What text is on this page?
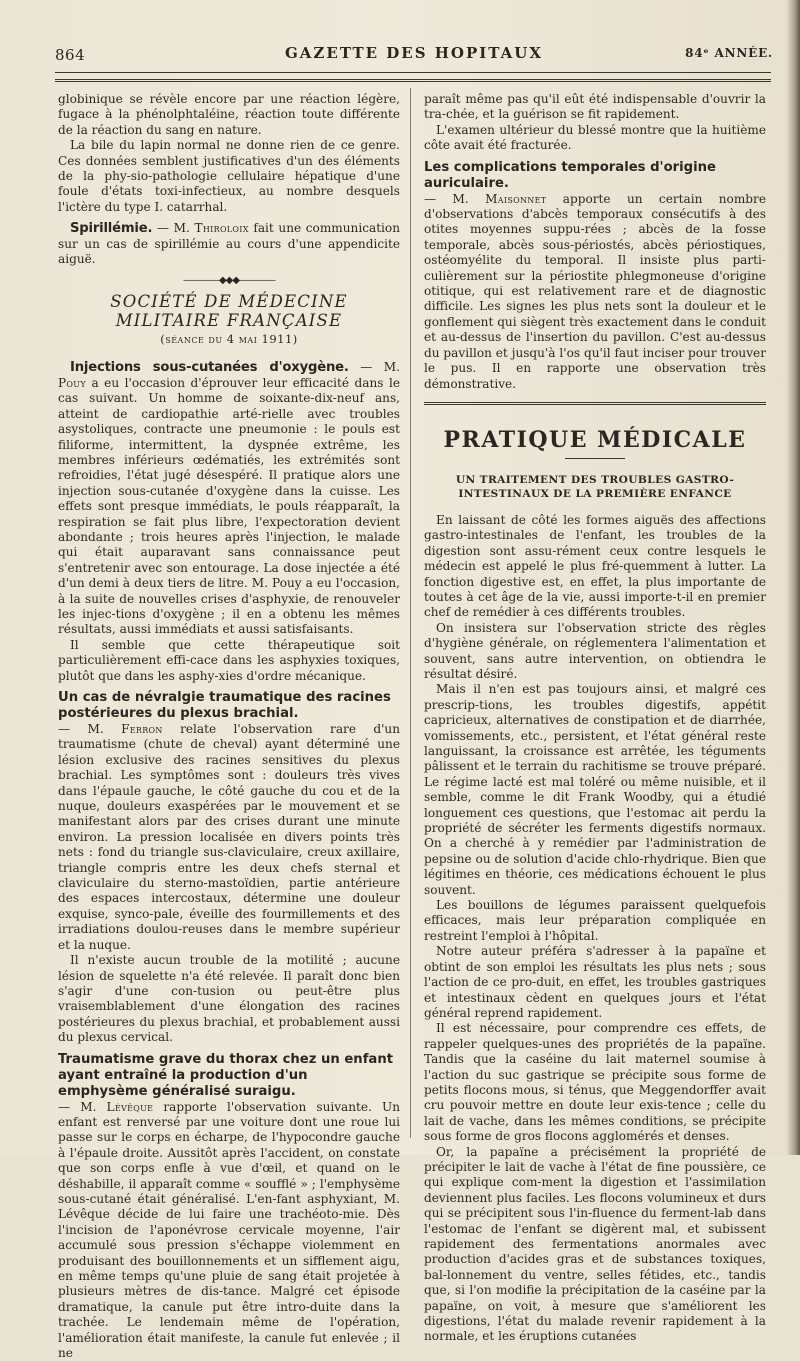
864	GAZETTE DES HOPITAUX	84ᵉ ANNÉE.

globinique se révèle encore par une réaction légère, fugace à la phénolphtaléine, réaction toute différente de la réaction du sang en nature.

La bile du lapin normal ne donne rien de ce genre. Ces données semblent justificatives d'un des éléments de la phy-sio-pathologie cellulaire hépatique d'une foule d'états toxi-infectieux, au nombre desquels l'ictère du type I. catarrhal.

Spirillémie. — M. Thiroloix fait une communication sur un cas de spirillémie au cours d'une appendicite aiguë.

————◆◆◆————
SOCIÉTÉ DE MÉDECINE MILITAIRE FRANÇAISE
(séance du 4 mai 1911)

Injections sous-cutanées d'oxygène. — M. Pouy a eu l'occasion d'éprouver leur efficacité dans le cas suivant. Un homme de soixante-dix-neuf ans, atteint de cardiopathie arté-rielle avec troubles asystoliques, contracte une pneumonie : le pouls est filiforme, intermittent, la dyspnée extrême, les membres inférieurs œdématiés, les extrémités sont refroidies, l'état jugé désespéré. Il pratique alors une injection sous-cutanée d'oxygène dans la cuisse. Les effets sont presque immédiats, le pouls réapparaît, la respiration se fait plus libre, l'expectoration devient abondante ; trois heures après l'injection, le malade qui était auparavant sans connaissance peut s'entretenir avec son entourage. La dose injectée a été d'un demi à deux tiers de litre. M. Pouy a eu l'occasion, à la suite de nouvelles crises d'asphyxie, de renouveler les injec-tions d'oxygène ; il en a obtenu les mêmes résultats, aussi immédiats et aussi satisfaisants.

Il semble que cette thérapeutique soit particulièrement effi-cace dans les asphyxies toxiques, plutôt que dans les asphy-xies d'ordre mécanique.

Un cas de névralgie traumatique des racines postérieures du plexus brachial.

— M. Ferron relate l'observation rare d'un traumatisme (chute de cheval) ayant déterminé une lésion exclusive des racines sensitives du plexus brachial. Les symptômes sont : douleurs très vives dans l'épaule gauche, le côté gauche du cou et de la nuque, douleurs exaspérées par le mouvement et se manifestant alors par des crises durant une minute environ. La pression localisée en divers points très nets : fond du triangle sus-claviculaire, creux axillaire, triangle compris entre les deux chefs sternal et claviculaire du sterno-mastoïdien, partie antérieure des espaces intercostaux, détermine une douleur exquise, synco-pale, éveille des fourmillements et des irradiations doulou-reuses dans le membre supérieur et la nuque.

Il n'existe aucun trouble de la motilité ; aucune lésion de squelette n'a été relevée. Il paraît donc bien s'agir d'une con-tusion ou peut-être plus vraisemblablement d'une élongation des racines postérieures du plexus brachial, et probablement aussi du plexus cervical.

Traumatisme grave du thorax chez un enfant ayant entraîné la production d'un emphysème généralisé suraigu.

— M. Lévêque rapporte l'observation suivante. Un enfant est renversé par une voiture dont une roue lui passe sur le corps en écharpe, de l'hypocondre gauche à l'épaule droite. Aussitôt après l'accident, on constate que son corps enfle à vue d'œil, et quand on le déshabille, il apparaît comme « soufflé » ; l'emphysème sous-cutané était généralisé. L'en-fant asphyxiant, M. Lévêque décide de lui faire une trachéoto-mie. Dès l'incision de l'aponévrose cervicale moyenne, l'air accumulé sous pression s'échappe violemment en produisant des bouillonnements et un sifflement aigu, en même temps qu'une pluie de sang était projetée à plusieurs mètres de dis-tance. Malgré cet épisode dramatique, la canule put être intro-duite dans la trachée. Le lendemain même de l'opération, l'amélioration était manifeste, la canule fut enlevée ; il ne

paraît même pas qu'il eût été indispensable d'ouvrir la tra-chée, et la guérison se fit rapidement.

L'examen ultérieur du blessé montre que la huitième côte avait été fracturée.

Les complications temporales d'origine auriculaire.

— M. Maisonnet apporte un certain nombre d'observations d'abcès temporaux consécutifs à des otites moyennes suppu-rées ; abcès de la fosse temporale, abcès sous-périostés, abcès périostiques, ostéomyélite du temporal. Il insiste plus parti-culièrement sur la périostite phlegmoneuse d'origine otitique, qui est relativement rare et de diagnostic difficile. Les signes les plus nets sont la douleur et le gonflement qui siègent très exactement dans le conduit et au-dessus de l'insertion du pavillon. C'est au-dessus du pavillon et jusqu'à l'os qu'il faut inciser pour trouver le pus. Il en rapporte une observation très démonstrative.

PRATIQUE MÉDICALE
UN TRAITEMENT DES TROUBLES GASTRO-INTESTINAUX DE LA PREMIÈRE ENFANCE

En laissant de côté les formes aiguës des affections gastro-intestinales de l'enfant, les troubles de la digestion sont assu-rément ceux contre lesquels le médecin est appelé le plus fré-quemment à lutter. La fonction digestive est, en effet, la plus importante de toutes à cet âge de la vie, aussi importe-t-il en premier chef de remédier à ces différents troubles.

On insistera sur l'observation stricte des règles d'hygiène générale, on réglementera l'alimentation et souvent, sans autre intervention, on obtiendra le résultat désiré.

Mais il n'en est pas toujours ainsi, et malgré ces prescrip-tions, les troubles digestifs, appétit capricieux, alternatives de constipation et de diarrhée, vomissements, etc., persistent, et l'état général reste languissant, la croissance est arrêtée, les téguments pâlissent et le terrain du rachitisme se trouve préparé. Le régime lacté est mal toléré ou même nuisible, et il semble, comme le dit Frank Woodby, qui a étudié longuement ces questions, que l'estomac ait perdu la propriété de sécréter les ferments digestifs normaux. On a cherché à y remédier par l'administration de pepsine ou de solution d'acide chlo-rhydrique. Bien que légitimes en théorie, ces médications échouent le plus souvent.

Les bouillons de légumes paraissent quelquefois efficaces, mais leur préparation compliquée en restreint l'emploi à l'hôpital.

Notre auteur préféra s'adresser à la papaïne et obtint de son emploi les résultats les plus nets ; sous l'action de ce pro-duit, en effet, les troubles gastriques et intestinaux cèdent en quelques jours et l'état général reprend rapidement.

Il est nécessaire, pour comprendre ces effets, de rappeler quelques-unes des propriétés de la papaïne. Tandis que la caséine du lait maternel soumise à l'action du suc gastrique se précipite sous forme de petits flocons mous, si ténus, que Meggendorffer avait cru pouvoir mettre en doute leur exis-tence ; celle du lait de vache, dans les mêmes conditions, se précipite sous forme de gros flocons agglomérés et denses.

Or, la papaïne a précisément la propriété de précipiter le lait de vache à l'état de fine poussière, ce qui explique com-ment la digestion et l'assimilation deviennent plus faciles. Les flocons volumineux et durs qui se précipitent sous l'in-fluence du ferment-lab dans l'estomac de l'enfant se digèrent mal, et subissent rapidement des fermentations anormales avec production d'acides gras et de substances toxiques, bal-lonnement du ventre, selles fétides, etc., tandis que, si l'on modifie la précipitation de la caséine par la papaïne, on voit, à mesure que s'améliorent les digestions, l'état du malade revenir rapidement à la normale, et les éruptions cutanées
